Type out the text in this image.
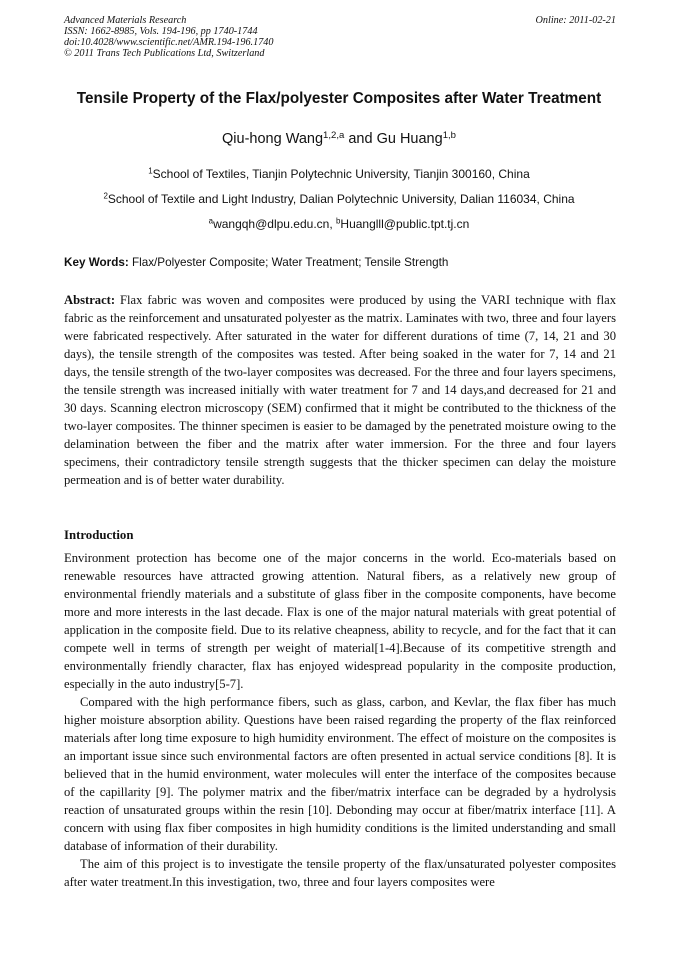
Advanced Materials Research
ISSN: 1662-8985, Vols. 194-196, pp 1740-1744
doi:10.4028/www.scientific.net/AMR.194-196.1740
© 2011 Trans Tech Publications Ltd, Switzerland
Online: 2011-02-21
Tensile Property of the Flax/polyester Composites after Water Treatment
Qiu-hong Wang$^{1,2,a}$ and Gu Huang$^{1,b}$
$^1$School of Textiles, Tianjin Polytechnic University, Tianjin 300160, China
$^2$School of Textile and Light Industry, Dalian Polytechnic University, Dalian 116034, China
$^a$wangqh@dlpu.edu.cn, $^b$Huanglll@public.tpt.tj.cn
Key Words: Flax/Polyester Composite; Water Treatment; Tensile Strength
Abstract: Flax fabric was woven and composites were produced by using the VARI technique with flax fabric as the reinforcement and unsaturated polyester as the matrix. Laminates with two, three and four layers were fabricated respectively. After saturated in the water for different durations of time (7, 14, 21 and 30 days), the tensile strength of the composites was tested. After being soaked in the water for 7, 14 and 21 days, the tensile strength of the two-layer composites was decreased. For the three and four layers specimens, the tensile strength was increased initially with water treatment for 7 and 14 days,and decreased for 21 and 30 days. Scanning electron microscopy (SEM) confirmed that it might be contributed to the thickness of the two-layer composites. The thinner specimen is easier to be damaged by the penetrated moisture owing to the delamination between the fiber and the matrix after water immersion. For the three and four layers specimens, their contradictory tensile strength suggests that the thicker specimen can delay the moisture permeation and is of better water durability.
Introduction

Environment protection has become one of the major concerns in the world. Eco-materials based on renewable resources have attracted growing attention. Natural fibers, as a relatively new group of environmental friendly materials and a substitute of glass fiber in the composite components, have become more and more interests in the last decade. Flax is one of the major natural materials with great potential of application in the composite field. Due to its relative cheapness, ability to recycle, and for the fact that it can compete well in terms of strength per weight of material[1-4].Because of its competitive strength and environmentally friendly character, flax has enjoyed widespread popularity in the composite production, especially in the auto industry[5-7].

Compared with the high performance fibers, such as glass, carbon, and Kevlar, the flax fiber has much higher moisture absorption ability. Questions have been raised regarding the property of the flax reinforced materials after long time exposure to high humidity environment. The effect of moisture on the composites is an important issue since such environmental factors are often presented in actual service conditions [8]. It is believed that in the humid environment, water molecules will enter the interface of the composites because of the capillarity [9]. The polymer matrix and the fiber/matrix interface can be degraded by a hydrolysis reaction of unsaturated groups within the resin [10]. Debonding may occur at fiber/matrix interface [11]. A concern with using flax fiber composites in high humidity conditions is the limited understanding and small database of information of their durability.

The aim of this project is to investigate the tensile property of the flax/unsaturated polyester composites after water treatment.In this investigation, two, three and four layers composites were
